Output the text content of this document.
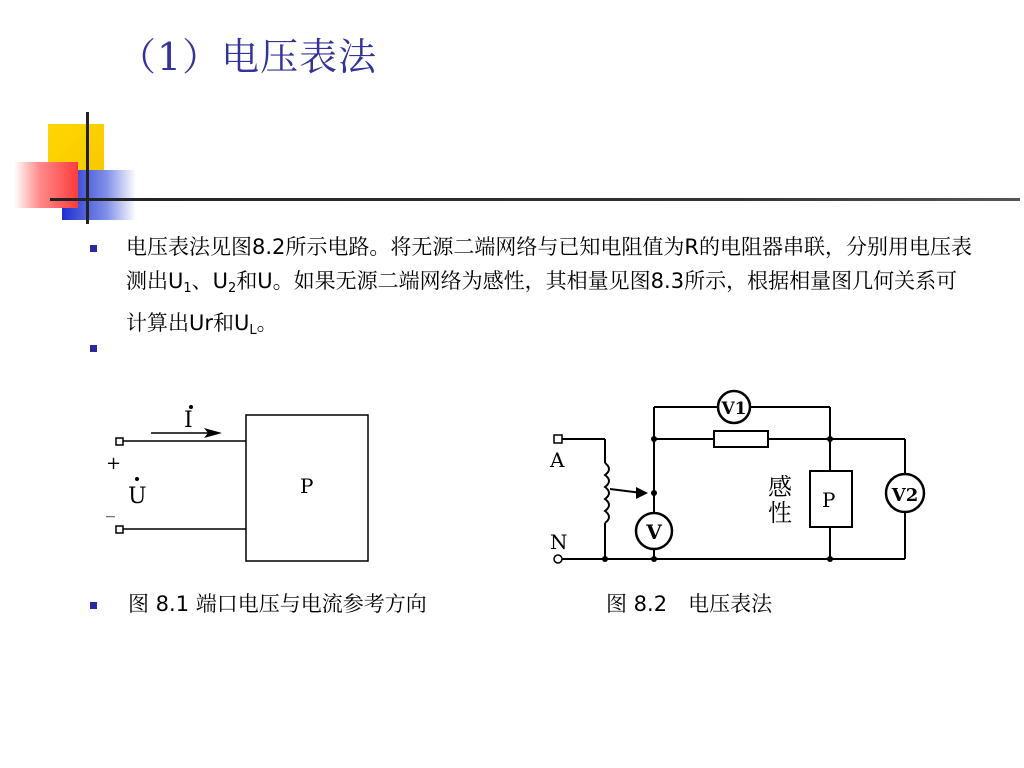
（1）电压表法
电压表法见图8.2所示电路。将无源二端网络与已知电阻值为R的电阻器串联，分别用电压表测出$U_1$、$U_2$和U。如果无源二端网络为感性，其相量见图8.3所示，根据相量图几何关系可计算出Ur和$U_L$。
I
U
+
_
P
V1
V
V2
A
N
P
感
性
图 8.1 端口电压与电流参考方向	图 8.2　电压表法
